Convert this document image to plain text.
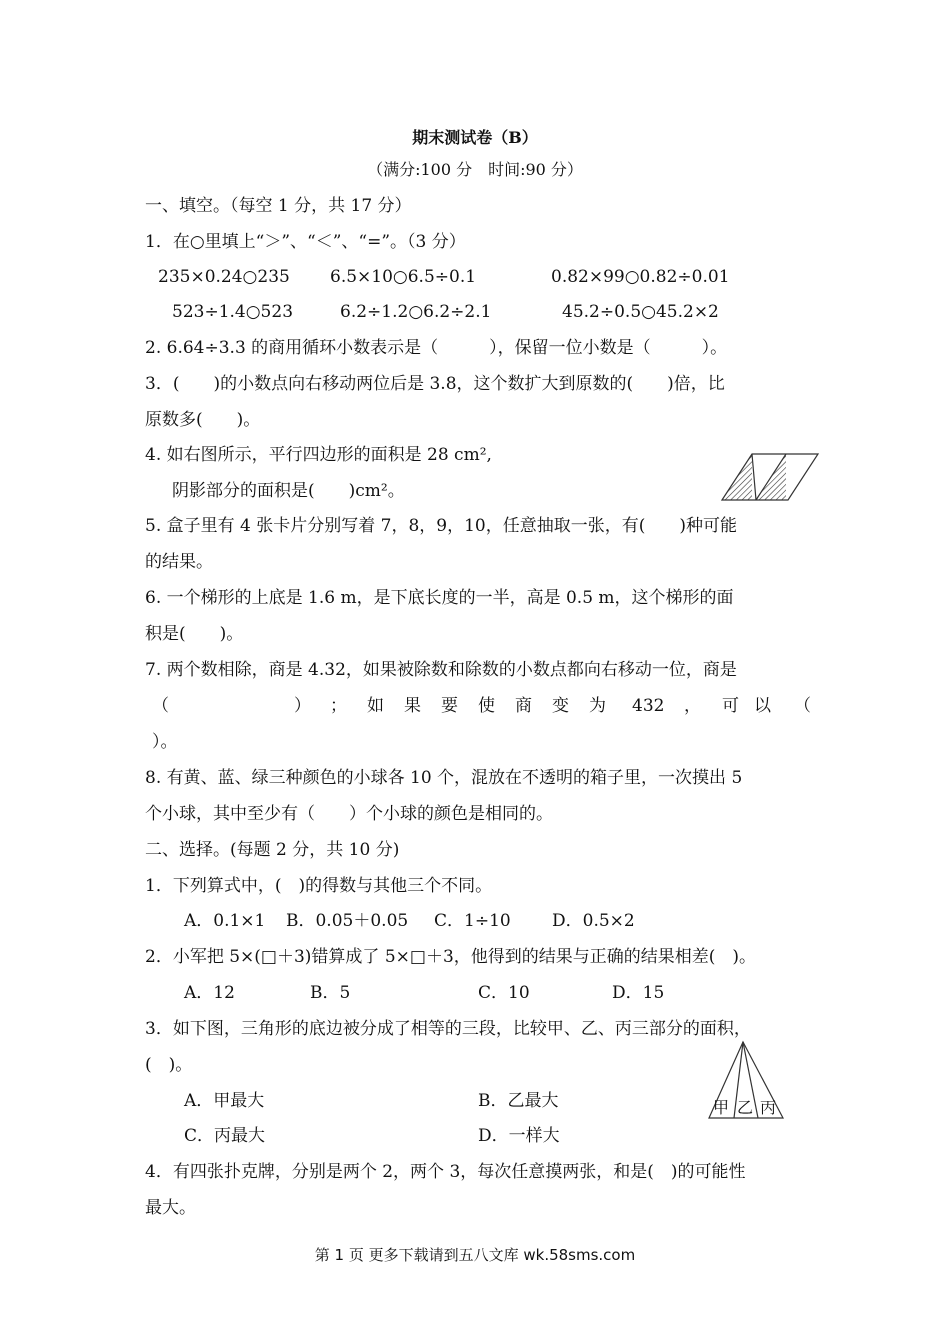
期末测试卷（B）
（满分:100 分　时间:90 分）
一、填空。（每空 1 分，共 17 分）
1．在○里填上“＞”、“＜”、“=”。（3 分）
235×0.24○235 6.5×10○6.5÷0.1	0.82×99○0.82÷0.01
523÷1.4○523	6.2÷1.2○6.2÷2.1	45.2÷0.5○45.2×2
2. 6.64÷3.3 的商用循环小数表示是（　　　），保留一位小数是（　　　）。
3．(　　)的小数点向右移动两位后是 3.8，这个数扩大到原数的(　　)倍，比
原数多(　　)。
4. 如右图所示，平行四边形的面积是 28 cm²,
阴影部分的面积是(　　)cm²。
5. 盒子里有 4 张卡片分别写着 7，8，9，10，任意抽取一张，有(　　)种可能
的结果。
6. 一个梯形的上底是 1.6 m，是下底长度的一半，高是 0.5 m，这个梯形的面
积是(　　)。
7. 两个数相除，商是 4.32，如果被除数和除数的小数点都向右移动一位，商是
（	） ； 如 果 要 使 商 变 为 432 ， 可 以 （
）。
8. 有黄、蓝、绿三种颜色的小球各 10 个，混放在不透明的箱子里，一次摸出 5
个小球，其中至少有（　　）个小球的颜色是相同的。
二、选择。(每题 2 分，共 10 分)
1．下列算式中，(　)的得数与其他三个不同。
A．0.1×1 B．0.05＋0.05 C．1÷10 D．0.5×2
2．小军把 5×(□＋3)错算成了 5×□＋3，他得到的结果与正确的结果相差(　)。
A．12	B．5	C．10	D．15
3．如下图，三角形的底边被分成了相等的三段，比较甲、乙、丙三部分的面积，
(　)。
A．甲最大	B．乙最大
C．丙最大	D．一样大
甲 乙 丙
4．有四张扑克牌，分别是两个 2，两个 3，每次任意摸两张，和是(　)的可能性
最大。
第 1 页 更多下载请到五八文库 wk.58sms.com
